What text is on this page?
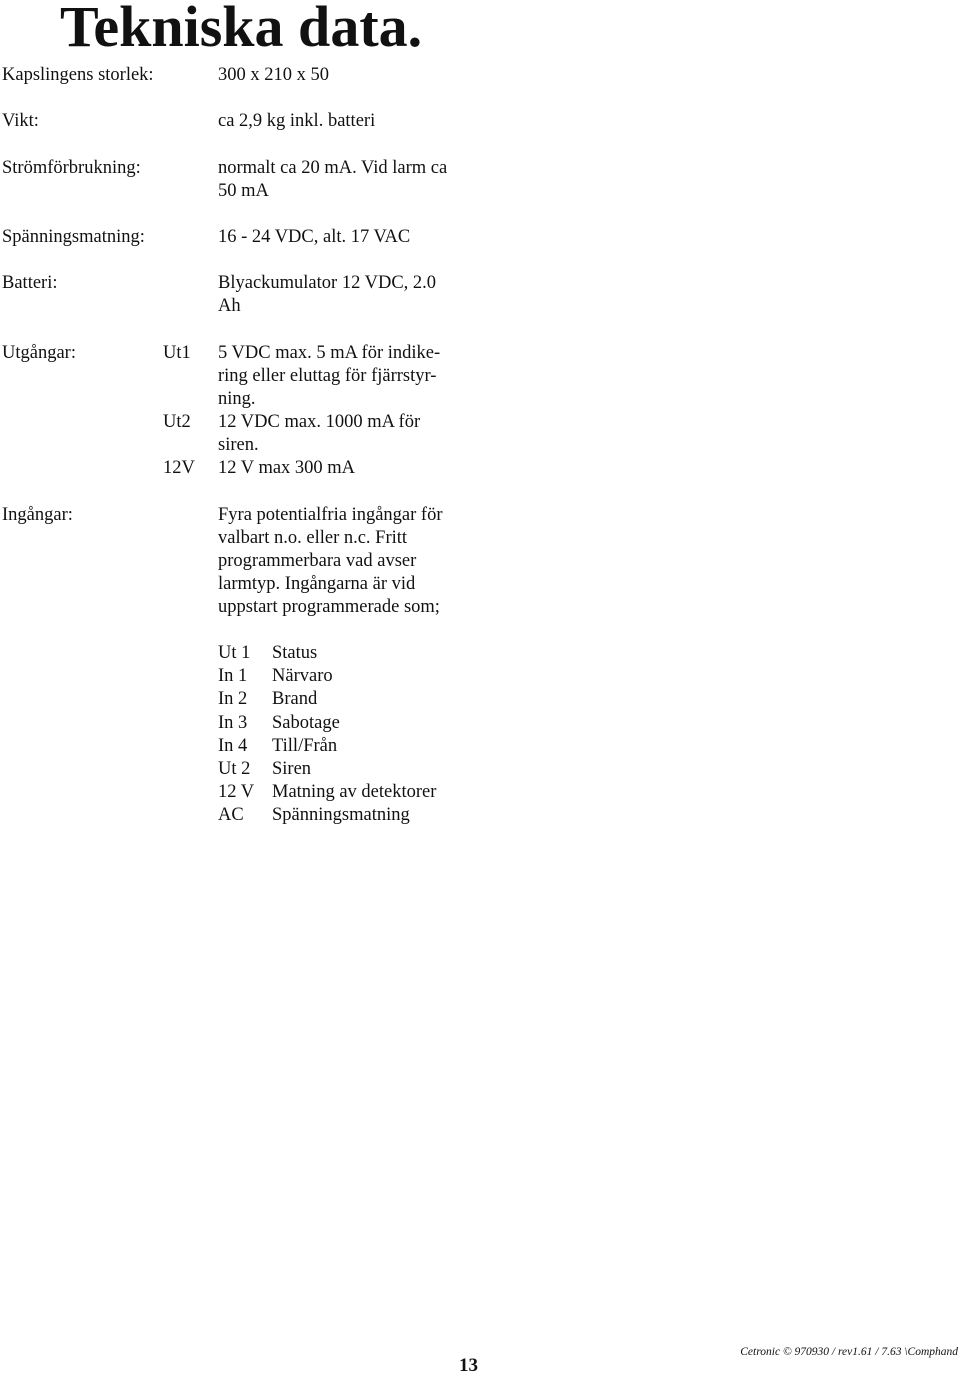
Tekniska data.

Kapslingens storlek:	300 x 210 x 50

Vikt:	ca 2,9 kg inkl. batteri

Strömförbrukning:	normalt ca 20 mA. Vid larm ca

50 mA

Spänningsmatning:	16 - 24 VDC, alt. 17 VAC

Batteri:	Blyackumulator 12 VDC, 2.0

Ah

Utgångar:	Ut1 5 VDC max. 5 mA för indike-

ring eller eluttag för fjärrstyr-

ning.

Ut2 12 VDC max. 1000 mA för

siren.

12V 12 V max 300 mA

Ingångar:	Fyra potentialfria ingångar för

valbart n.o. eller n.c. Fritt

programmerbara vad avser

larmtyp. Ingångarna är vid

uppstart programmerade som;

Ut 1 Status

In 1 Närvaro

In 2 Brand

In 3 Sabotage

In 4 Till/Från

Ut 2 Siren

12 V Matning av detektorer

AC Spänningsmatning

13
Cetronic © 970930 / rev1.61 / 7.63 \Comphand
